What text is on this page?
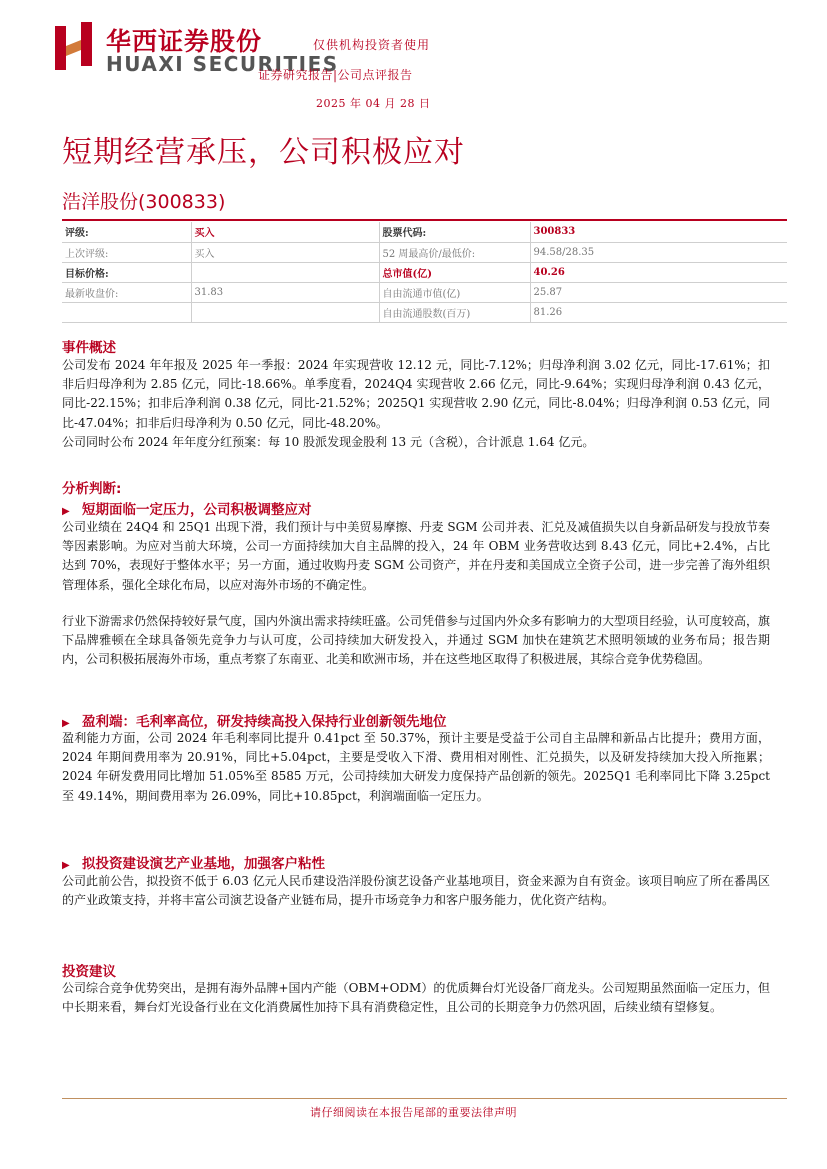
华西证券股份
HUAXI SECURITIES
仅供机构投资者使用
证券研究报告|公司点评报告
2025 年 04 月 28 日
短期经营承压，公司积极应对
浩洋股份(300833)
评级:	买入	股票代码:	300833
上次评级:	买入	52 周最高价/最低价:	94.58/28.35
目标价格:		总市值(亿)	40.26
最新收盘价:	31.83	自由流通市值(亿)	25.87
		自由流通股数(百万)	81.26
事件概述
公司发布 2024 年年报及 2025 年一季报：2024 年实现营收 12.12 元，同比-7.12%；归母净利润 3.02 亿元，同比-17.61%；扣非后归母净利为 2.85 亿元，同比-18.66%。单季度看，2024Q4 实现营收 2.66 亿元，同比-9.64%；实现归母净利润 0.43 亿元，同比-22.15%；扣非后净利润 0.38 亿元，同比-21.52%；2025Q1 实现营收 2.90 亿元，同比-8.04%；归母净利润 0.53 亿元，同比-47.04%；扣非后归母净利为 0.50 亿元，同比-48.20%。
公司同时公布 2024 年年度分红预案：每 10 股派发现金股利 13 元（含税），合计派息 1.64 亿元。
分析判断:
▶ 短期面临一定压力，公司积极调整应对
公司业绩在 24Q4 和 25Q1 出现下滑，我们预计与中美贸易摩擦、丹麦 SGM 公司并表、汇兑及减值损失以自身新品研发与投放节奏等因素影响。为应对当前大环境，公司一方面持续加大自主品牌的投入，24 年 OBM 业务营收达到 8.43 亿元，同比+2.4%，占比达到 70%，表现好于整体水平；另一方面，通过收购丹麦 SGM 公司资产，并在丹麦和美国成立全资子公司，进一步完善了海外组织管理体系，强化全球化布局，以应对海外市场的不确定性。
行业下游需求仍然保持较好景气度，国内外演出需求持续旺盛。公司凭借参与过国内外众多有影响力的大型项目经验，认可度较高，旗下品牌雅顿在全球具备领先竞争力与认可度，公司持续加大研发投入，并通过 SGM 加快在建筑艺术照明领域的业务布局；报告期内，公司积极拓展海外市场，重点考察了东南亚、北美和欧洲市场，并在这些地区取得了积极进展，其综合竞争优势稳固。
▶ 盈利端：毛利率高位，研发持续高投入保持行业创新领先地位
盈利能力方面，公司 2024 年毛利率同比提升 0.41pct 至 50.37%，预计主要是受益于公司自主品牌和新品占比提升；费用方面，2024 年期间费用率为 20.91%，同比+5.04pct，主要是受收入下滑、费用相对刚性、汇兑损失，以及研发持续加大投入所拖累；2024 年研发费用同比增加 51.05%至 8585 万元，公司持续加大研发力度保持产品创新的领先。2025Q1 毛利率同比下降 3.25pct 至 49.14%，期间费用率为 26.09%，同比+10.85pct，利润端面临一定压力。
▶ 拟投资建设演艺产业基地，加强客户粘性
公司此前公告，拟投资不低于 6.03 亿元人民币建设浩洋股份演艺设备产业基地项目，资金来源为自有资金。该项目响应了所在番禺区的产业政策支持，并将丰富公司演艺设备产业链布局，提升市场竞争力和客户服务能力，优化资产结构。
投资建议
公司综合竞争优势突出，是拥有海外品牌+国内产能（OBM+ODM）的优质舞台灯光设备厂商龙头。公司短期虽然面临一定压力，但中长期来看，舞台灯光设备行业在文化消费属性加持下具有消费稳定性，且公司的长期竞争力仍然巩固，后续业绩有望修复。
请仔细阅读在本报告尾部的重要法律声明
